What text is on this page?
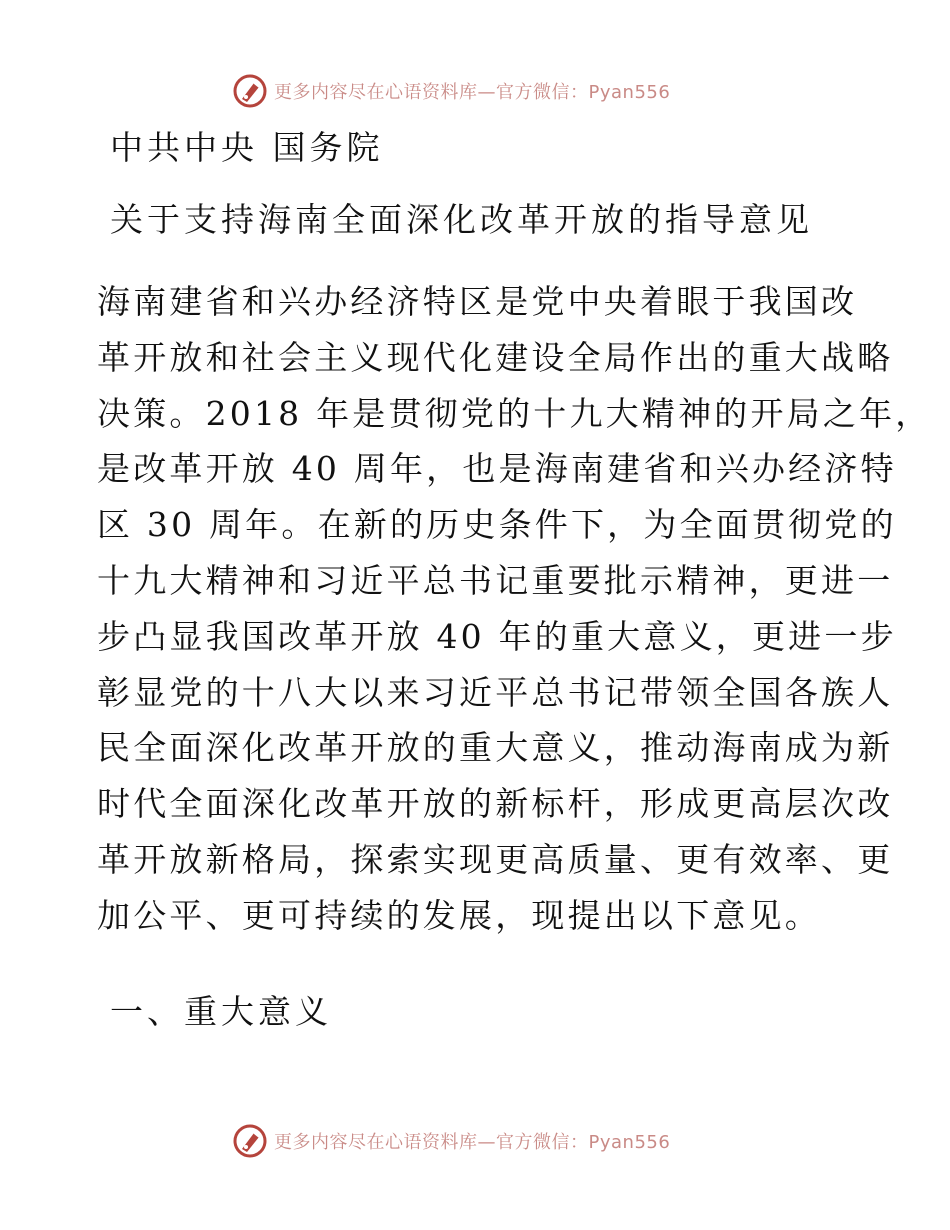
更多内容尽在心语资料库—官方微信：Pyan556
中共中央 国务院
关于支持海南全面深化改革开放的指导意见
海南建省和兴办经济特区是党中央着眼于我国改
革开放和社会主义现代化建设全局作出的重大战略
决策。2018 年是贯彻党的十九大精神的开局之年，
是改革开放 40 周年，也是海南建省和兴办经济特
区 30 周年。在新的历史条件下，为全面贯彻党的
十九大精神和习近平总书记重要批示精神，更进一
步凸显我国改革开放 40 年的重大意义，更进一步
彰显党的十八大以来习近平总书记带领全国各族人
民全面深化改革开放的重大意义，推动海南成为新
时代全面深化改革开放的新标杆，形成更高层次改
革开放新格局，探索实现更高质量、更有效率、更
加公平、更可持续的发展，现提出以下意见。
一、重大意义
更多内容尽在心语资料库—官方微信：Pyan556
